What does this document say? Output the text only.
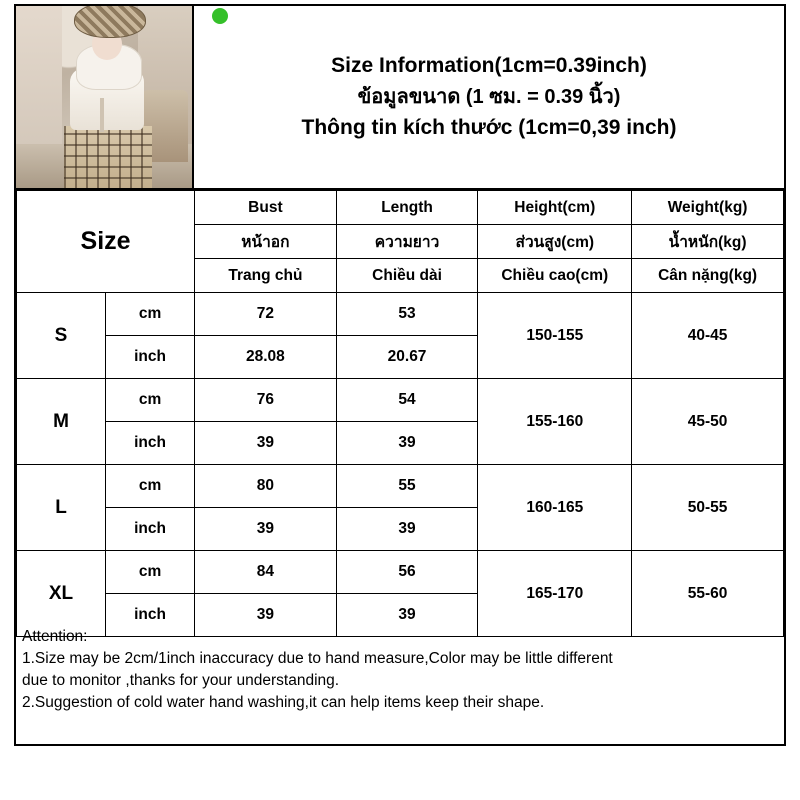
Size Information(1cm=0.39inch)
ข้อมูลขนาด (1 ซม. = 0.39 นิ้ว)
Thông tin kích thước (1cm=0,39 inch)
Size		Bust	Length	Height(cm)	Weight(kg)
		หน้าอก	ความยาว	ส่วนสูง(cm)	น้ำหนัก(kg)
		Trang chủ	Chiều dài	Chiều cao(cm)	Cân nặng(kg)
S	cm	72	53	150-155	40-45
	inch	28.08	20.67		
M	cm	76	54	155-160	45-50
	inch	39	39		
L	cm	80	55	160-165	50-55
	inch	39	39		
XL	cm	84	56	165-170	55-60
	inch	39	39		

Attention:

1.Size may be 2cm/1inch inaccuracy due to hand measure,Color may be little different

due to monitor ,thanks for your understanding.

2.Suggestion of cold water hand washing,it can help items keep their shape.
